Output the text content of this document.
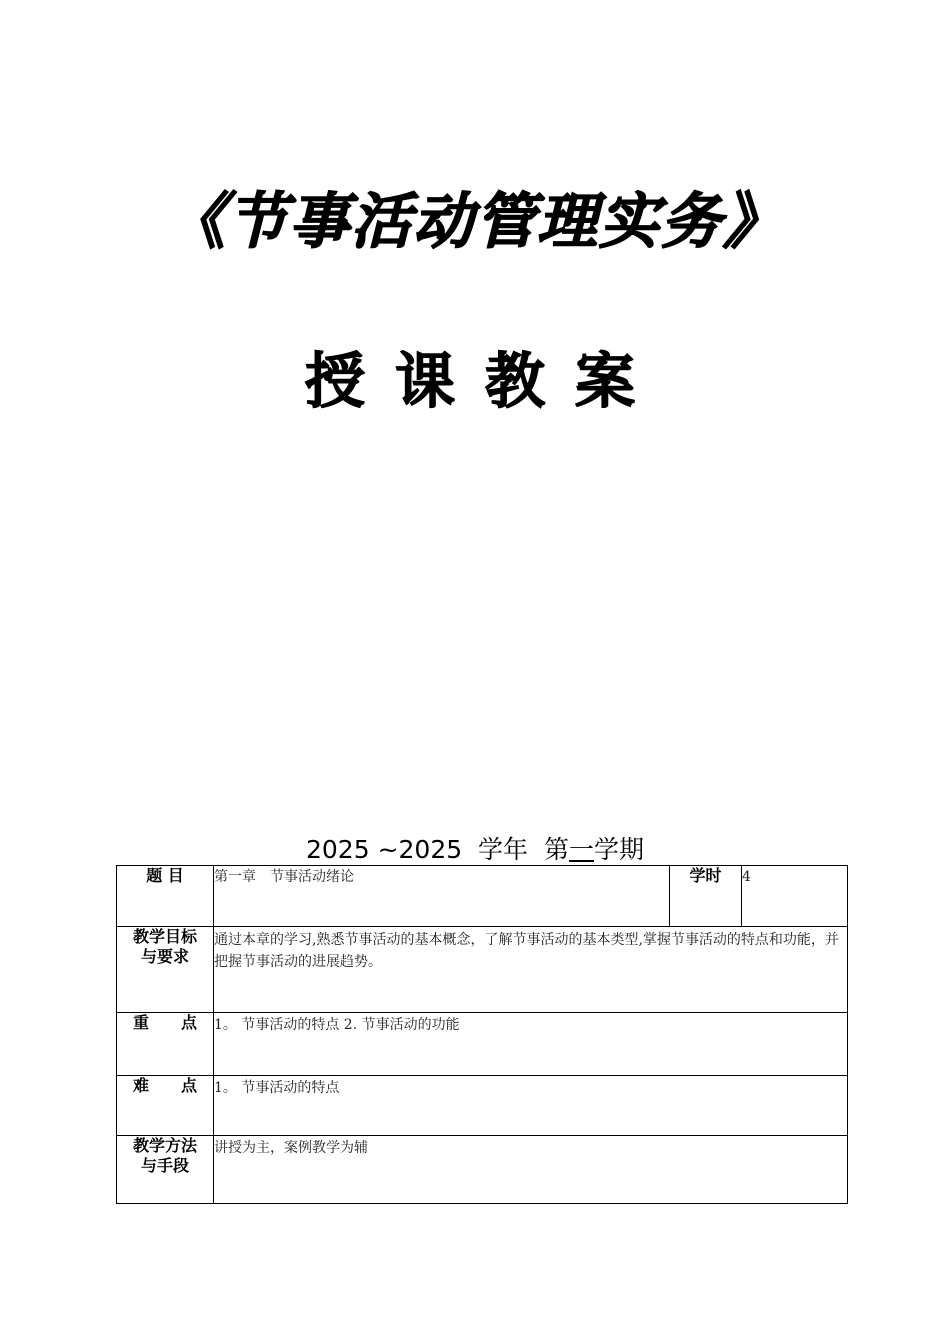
《节事活动管理实务》
授课教案
2025 ~2025 学年 第一学期
题 目	第一章　节事活动绪论	学时	4
教学目标
与要求	通过本章的学习,熟悉节事活动的基本概念，了解节事活动的基本类型,掌握节事活动的特点和功能，并把握节事活动的进展趋势。		
重　　点	1。 节事活动的特点 2. 节事活动的功能		
难　　点	1。 节事活动的特点		
教学方法
与手段	讲授为主，案例教学为辅		
